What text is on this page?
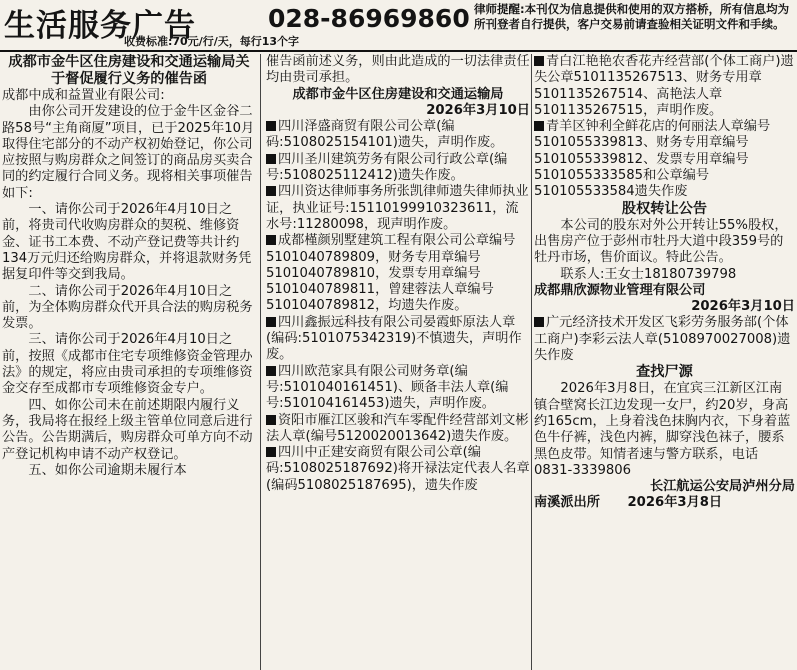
生活服务广告	028-86969860
收费标准:70元/行/天，每行13个字
律师提醒:本刊仅为信息提供和使用的双方搭桥，所有信息均为所刊登者自行提供，客户交易前请查验相关证明文件和手续。
成都市金牛区住房建设和交通运输局关于督促履行义务的催告函

成都中成和益置业有限公司:

由你公司开发建设的位于金牛区金谷二路58号“主角商厦”项目，已于2025年10月取得住宅部分的不动产权初始登记，你公司应按照与购房群众之间签订的商品房买卖合同的约定履行合同义务。现将相关事项催告如下:

一、请你公司于2026年4月10日之前，将贵司代收购房群众的契税、维修资金、证书工本费、不动产登记费等共计约134万元归还给购房群众，并将退款财务凭据复印件等交到我局。

二、请你公司于2026年4月10日之前，为全体购房群众代开具合法的购房税务发票。

三、请你公司于2026年4月10日之前，按照《成都市住宅专项维修资金管理办法》的规定，将应由贵司承担的专项维修资金交存至成都市专项维修资金专户。

四、如你公司未在前述期限内履行义务，我局将在报经上级主管单位同意后进行公告。公告期满后，购房群众可单方向不动产登记机构申请不动产权登记。

五、如你公司逾期未履行本

催告函前述义务，则由此造成的一切法律责任均由贵司承担。

成都市金牛区住房建设和交通运输局

2026年3月10日

四川泽盛商贸有限公司公章(编码:5108025154101)遗失，声明作废。

四川圣川建筑劳务有限公司行政公章(编号:5108025112412)遗失作废。

四川资达律师事务所张凯律师遗失律师执业证，执业证号:15110199910323611，流水号:11280098，现声明作废。

成都槿颜别墅建筑工程有限公司公章编号5101040789809，财务专用章编号5101040789810，发票专用章编号5101040789811，曾建蓉法人章编号5101040789812，均遗失作废。

四川鑫振远科技有限公司晏霞虾原法人章(编码:5101075342319)不慎遗失，声明作废。

四川欧范家具有限公司财务章(编号:5101040161451)、顾备丰法人章(编号:510104161453)遗失，声明作废。

资阳市雁江区骏和汽车零配件经营部刘文彬法人章(编号5120020013642)遗失作废。

四川中正建安商贸有限公司公章(编码:5108025187692)将开禄法定代表人名章(编码5108025187695)，遗失作废

青白江艳艳农香花卉经营部(个体工商户)遗失公章5101135267513、财务专用章5101135267514、高艳法人章5101135267515，声明作废。

青羊区钟利全鲜花店的何丽法人章编号5101055339813、财务专用章编号5101055339812、发票专用章编号5101055333585和公章编号510105533584遗失作废

股权转让公告

本公司的股东对外公开转让55%股权，出售房产位于彭州市牡丹大道中段359号的牡丹市场，售价面议。特此公告。

联系人:王女士18180739798

成都鼎欣源物业管理有限公司

2026年3月10日

广元经济技术开发区飞彩劳务服务部(个体工商户)李彩云法人章(5108970027008)遗失作废

查找尸源

2026年3月8日，在宜宾三江新区江南镇合壁窝长江边发现一女尸，约20岁，身高约165cm，上身着浅色抹胸内衣，下身着蓝色牛仔裤，浅色内裤，脚穿浅色袜子，腰系黑色皮带。知情者速与警方联系，电话0831-3339806

长江航运公安局泸州分局

南溪派出所 2026年3月8日
